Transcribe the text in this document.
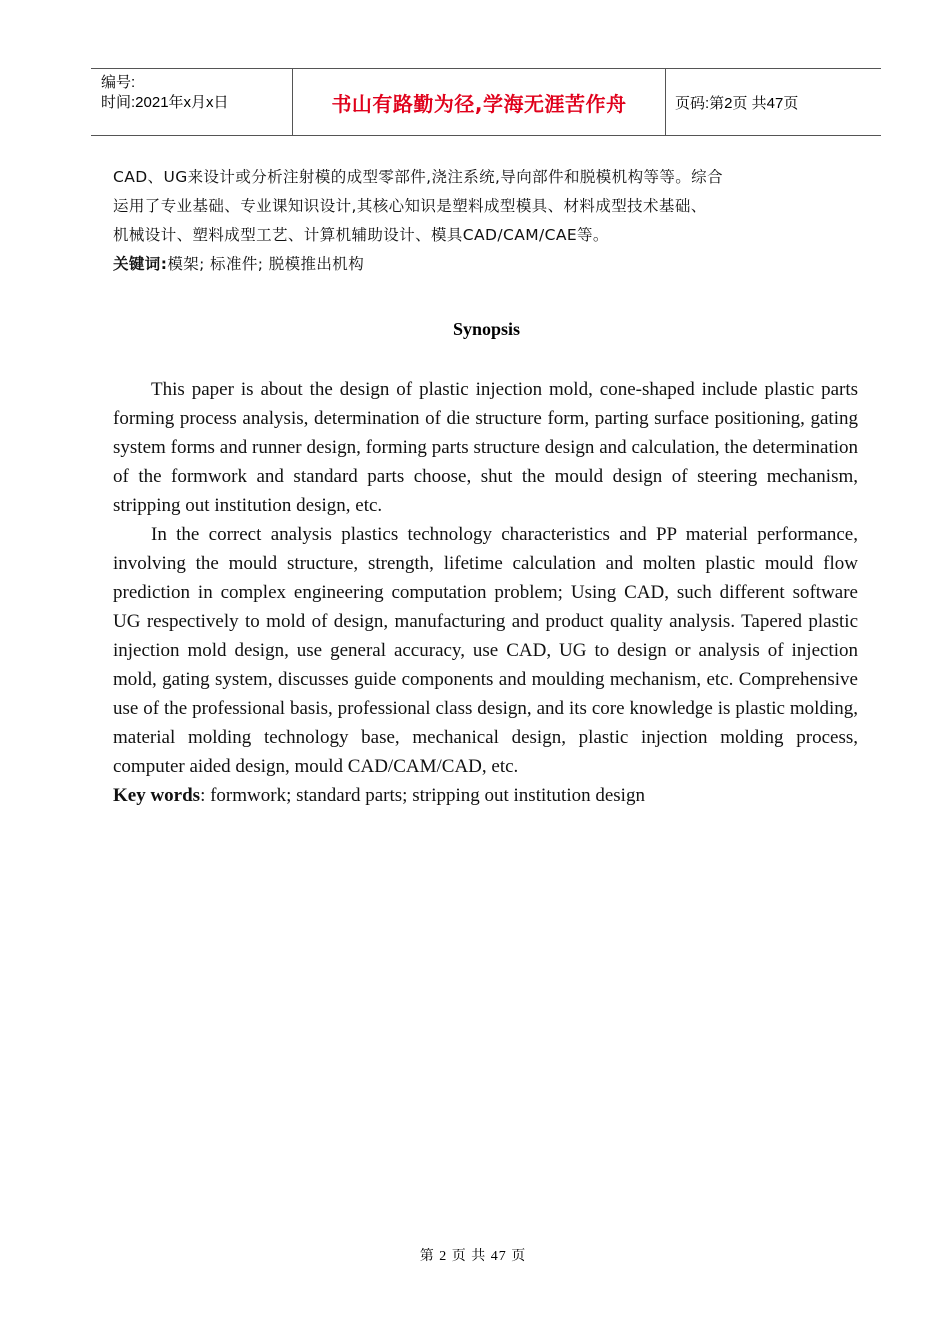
编号:
时间:2021年x月x日	书山有路勤为径,学海无涯苦作舟	页码:第2页 共47页

CAD、UG来设计或分析注射模的成型零部件,浇注系统,导向部件和脱模机构等等。综合

运用了专业基础、专业课知识设计,其核心知识是塑料成型模具、材料成型技术基础、

机械设计、塑料成型工艺、计算机辅助设计、模具CAD/CAM/CAE等。

关键词:模架; 标准件; 脱模推出机构

Synopsis

This paper is about the design of plastic injection mold, cone-shaped include plastic parts forming process analysis, determination of die structure form, parting surface positioning, gating system forms and runner design, forming parts structure design and calculation, the determination of the formwork and standard parts choose, shut the mould design of steering mechanism, stripping out institution design, etc.

In the correct analysis plastics technology characteristics and PP material performance, involving the mould structure, strength, lifetime calculation and molten plastic mould flow prediction in complex engineering computation problem; Using CAD, such different software UG respectively to mold of design, manufacturing and product quality analysis. Tapered plastic injection mold design, use general accuracy, use CAD, UG to design or analysis of injection mold, gating system, discusses guide components and moulding mechanism, etc. Comprehensive use of the professional basis, professional class design, and its core knowledge is plastic molding, material molding technology base, mechanical design, plastic injection molding process, computer aided design, mould CAD/CAM/CAD, etc.

Key words: formwork; standard parts; stripping out institution design

第 2 页 共 47 页
